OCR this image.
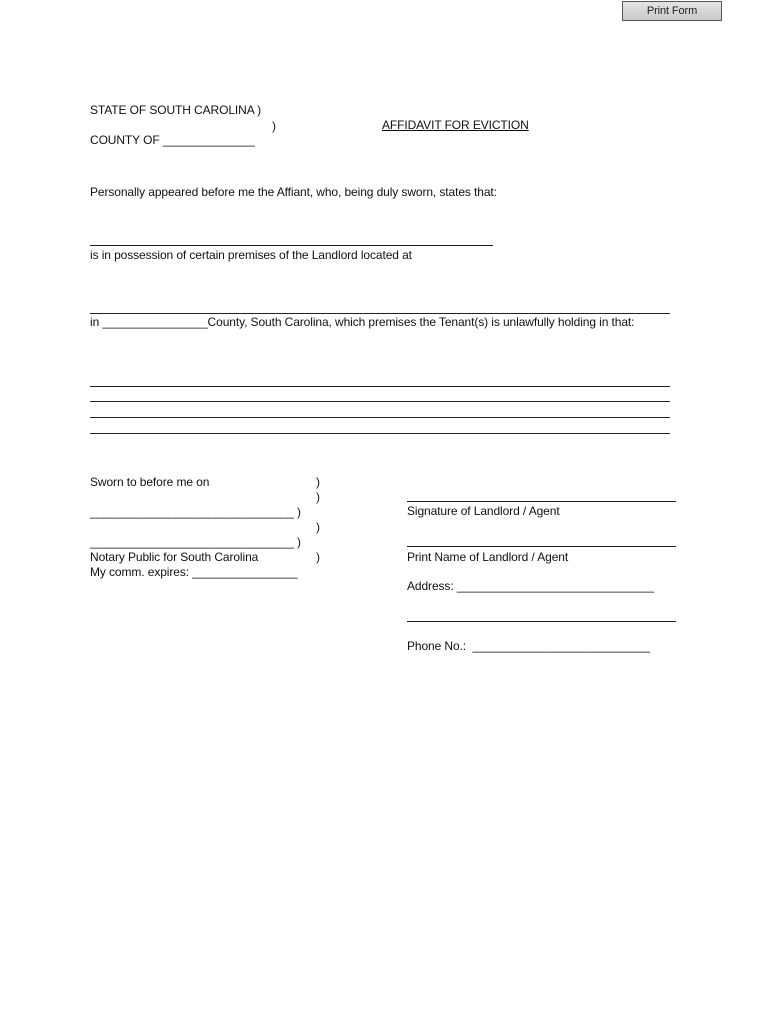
Print Form
STATE OF SOUTH CAROLINA )
)
COUNTY OF ______________
AFFIDAVIT FOR EVICTION
Personally appeared before me the Affiant, who, being duly sworn, states that:
is in possession of certain premises of the Landlord located at
in ________________County, South Carolina, which premises the Tenant(s) is unlawfully holding in that:
Sworn to before me on	)
)
_______________________________ )
)
_______________________________ )
Notary Public for South Carolina	)
My comm. expires: ________________
Signature of Landlord / Agent
Print Name of Landlord / Agent
Address: ______________________________
Phone No.:  ___________________________
